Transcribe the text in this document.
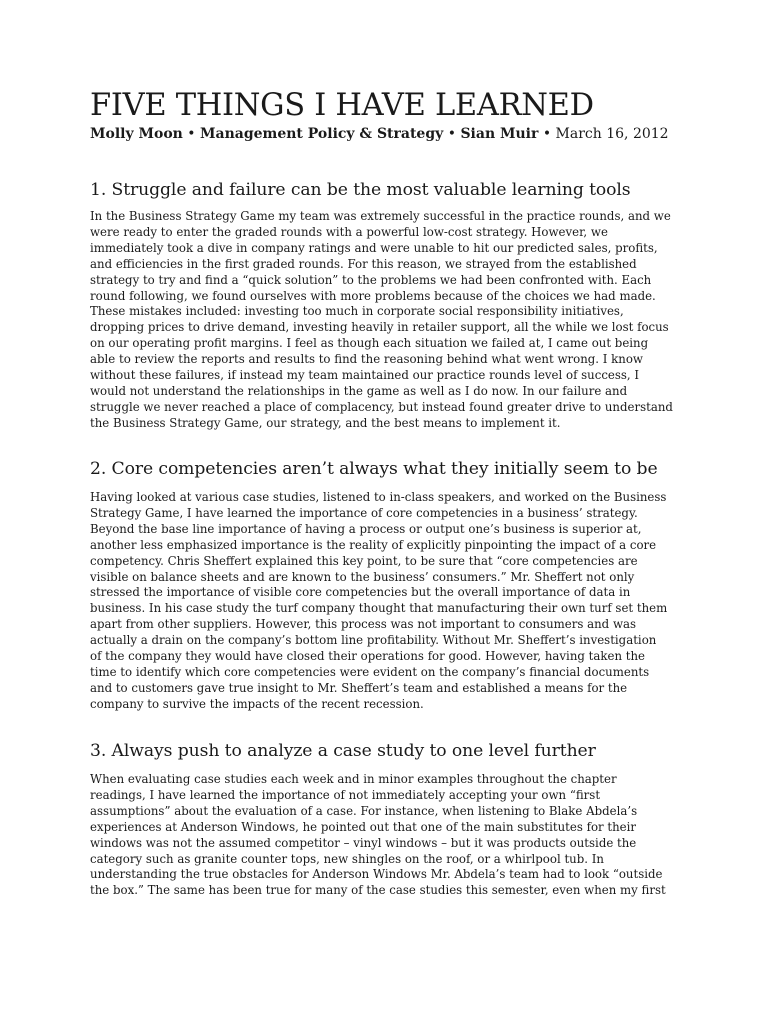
FIVE THINGS I HAVE LEARNED
Molly Moon • Management Policy & Strategy • Sian Muir • March 16, 2012
1. Struggle and failure can be the most valuable learning tools
In the Business Strategy Game my team was extremely successful in the practice rounds, and we
were ready to enter the graded rounds with a powerful low-cost strategy. However, we
immediately took a dive in company ratings and were unable to hit our predicted sales, profits,
and efficiencies in the first graded rounds. For this reason, we strayed from the established
strategy to try and find a “quick solution” to the problems we had been confronted with. Each
round following, we found ourselves with more problems because of the choices we had made.
These mistakes included: investing too much in corporate social responsibility initiatives,
dropping prices to drive demand, investing heavily in retailer support, all the while we lost focus
on our operating profit margins. I feel as though each situation we failed at, I came out being
able to review the reports and results to find the reasoning behind what went wrong. I know
without these failures, if instead my team maintained our practice rounds level of success, I
would not understand the relationships in the game as well as I do now. In our failure and
struggle we never reached a place of complacency, but instead found greater drive to understand
the Business Strategy Game, our strategy, and the best means to implement it.
2. Core competencies aren’t always what they initially seem to be
Having looked at various case studies, listened to in-class speakers, and worked on the Business
Strategy Game, I have learned the importance of core competencies in a business’ strategy.
Beyond the base line importance of having a process or output one’s business is superior at,
another less emphasized importance is the reality of explicitly pinpointing the impact of a core
competency. Chris Sheffert explained this key point, to be sure that “core competencies are
visible on balance sheets and are known to the business’ consumers.” Mr. Sheffert not only
stressed the importance of visible core competencies but the overall importance of data in
business. In his case study the turf company thought that manufacturing their own turf set them
apart from other suppliers. However, this process was not important to consumers and was
actually a drain on the company’s bottom line profitability. Without Mr. Sheffert’s investigation
of the company they would have closed their operations for good. However, having taken the
time to identify which core competencies were evident on the company’s financial documents
and to customers gave true insight to Mr. Sheffert’s team and established a means for the
company to survive the impacts of the recent recession.
3. Always push to analyze a case study to one level further
When evaluating case studies each week and in minor examples throughout the chapter
readings, I have learned the importance of not immediately accepting your own “first
assumptions” about the evaluation of a case. For instance, when listening to Blake Abdela’s
experiences at Anderson Windows, he pointed out that one of the main substitutes for their
windows was not the assumed competitor – vinyl windows – but it was products outside the
category such as granite counter tops, new shingles on the roof, or a whirlpool tub. In
understanding the true obstacles for Anderson Windows Mr. Abdela’s team had to look “outside
the box.” The same has been true for many of the case studies this semester, even when my first
